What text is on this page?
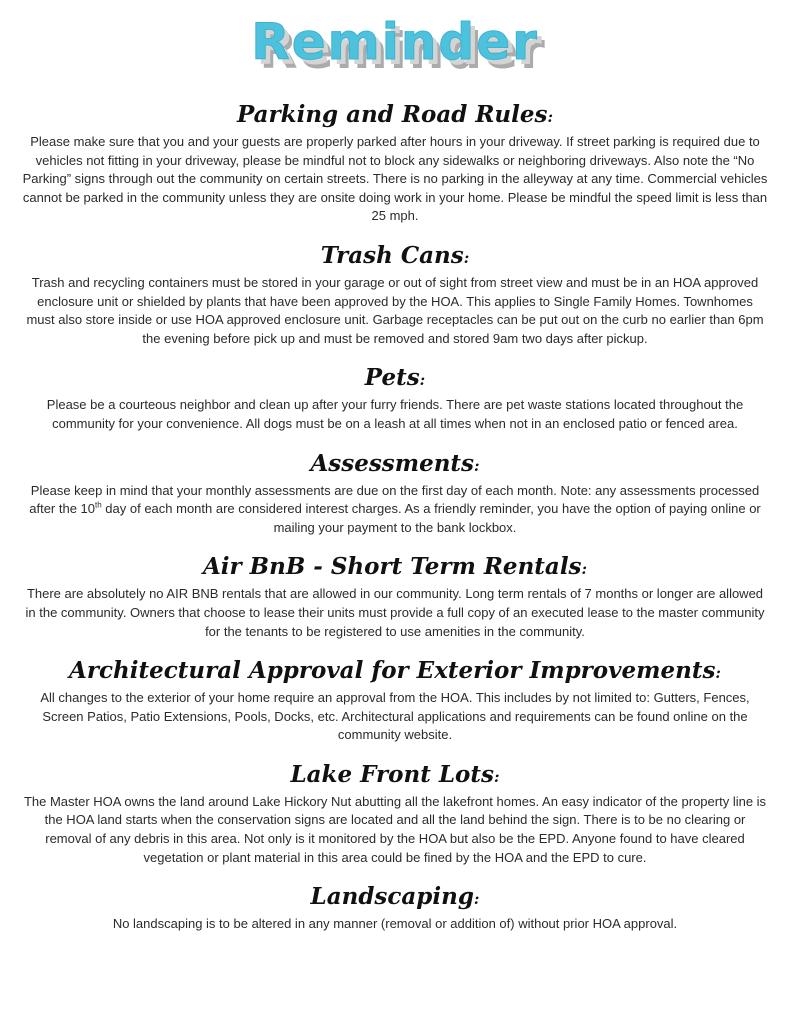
Reminder
Parking and Road Rules:

Please make sure that you and your guests are properly parked after hours in your driveway. If street parking is required due to vehicles not fitting in your driveway, please be mindful not to block any sidewalks or neighboring driveways. Also note the “No Parking” signs through out the community on certain streets. There is no parking in the alleyway at any time. Commercial vehicles cannot be parked in the community unless they are onsite doing work in your home. Please be mindful the speed limit is less than 25 mph.

Trash Cans:

Trash and recycling containers must be stored in your garage or out of sight from street view and must be in an HOA approved enclosure unit or shielded by plants that have been approved by the HOA. This applies to Single Family Homes. Townhomes must also store inside or use HOA approved enclosure unit. Garbage receptacles can be put out on the curb no earlier than 6pm the evening before pick up and must be removed and stored 9am two days after pickup.

Pets:

Please be a courteous neighbor and clean up after your furry friends. There are pet waste stations located throughout the community for your convenience. All dogs must be on a leash at all times when not in an enclosed patio or fenced area.

Assessments:

Please keep in mind that your monthly assessments are due on the first day of each month. Note: any assessments processed after the 10th day of each month are considered interest charges. As a friendly reminder, you have the option of paying online or mailing your payment to the bank lockbox.

Air BnB - Short Term Rentals:

There are absolutely no AIR BNB rentals that are allowed in our community. Long term rentals of 7 months or longer are allowed in the community. Owners that choose to lease their units must provide a full copy of an executed lease to the master community for the tenants to be registered to use amenities in the community.

Architectural Approval for Exterior Improvements:

All changes to the exterior of your home require an approval from the HOA. This includes by not limited to: Gutters, Fences, Screen Patios, Patio Extensions, Pools, Docks, etc. Architectural applications and requirements can be found online on the community website.

Lake Front Lots:

The Master HOA owns the land around Lake Hickory Nut abutting all the lakefront homes. An easy indicator of the property line is the HOA land starts when the conservation signs are located and all the land behind the sign. There is to be no clearing or removal of any debris in this area. Not only is it monitored by the HOA but also be the EPD. Anyone found to have cleared vegetation or plant material in this area could be fined by the HOA and the EPD to cure.

Landscaping:

No landscaping is to be altered in any manner (removal or addition of) without prior HOA approval.
